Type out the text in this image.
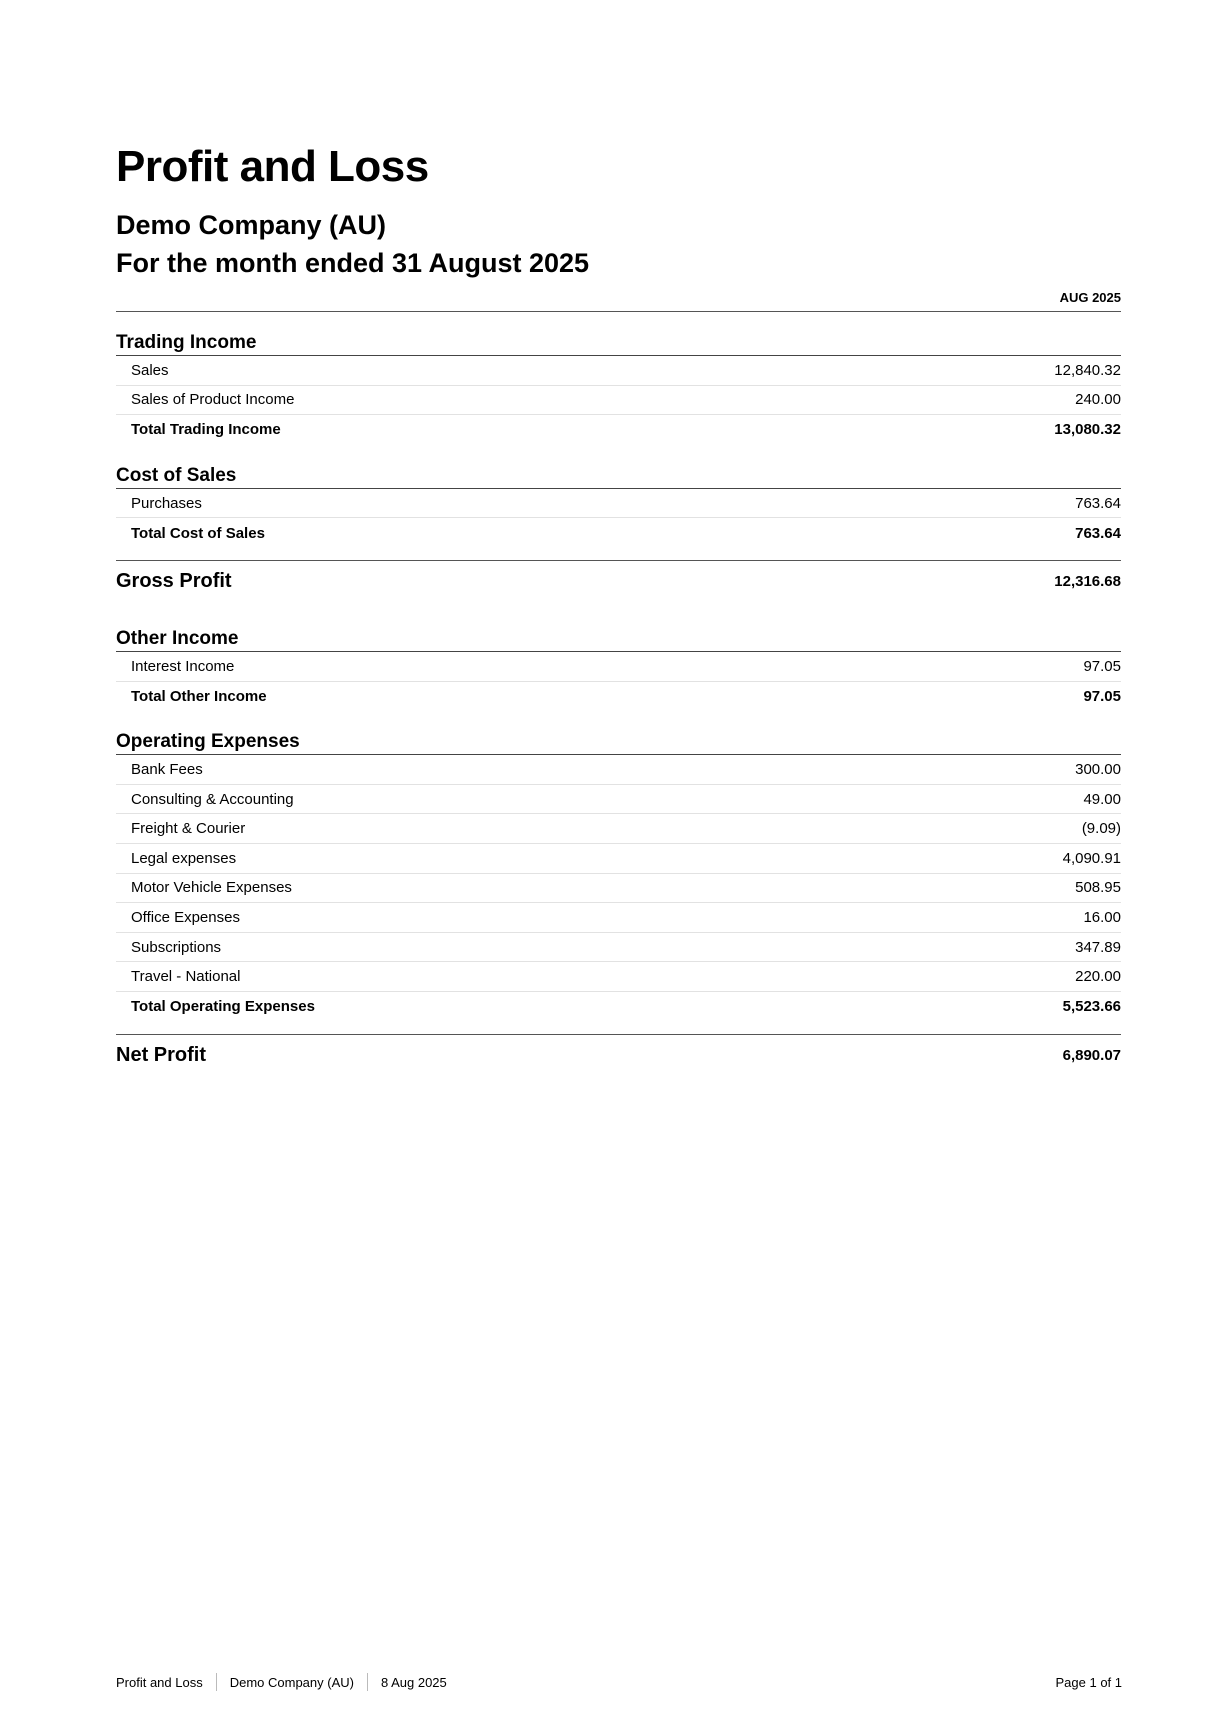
Profit and Loss
Demo Company (AU)
For the month ended 31 August 2025
AUG 2025
Trading Income
Sales	12,840.32
Sales of Product Income	240.00
Total Trading Income	13,080.32
Cost of Sales
Purchases	763.64
Total Cost of Sales	763.64
Gross Profit	12,316.68
Other Income
Interest Income	97.05
Total Other Income	97.05
Operating Expenses
Bank Fees	300.00
Consulting & Accounting	49.00
Freight & Courier	(9.09)
Legal expenses	4,090.91
Motor Vehicle Expenses	508.95
Office Expenses	16.00
Subscriptions	347.89
Travel - National	220.00
Total Operating Expenses	5,523.66
Net Profit	6,890.07
Profit and Loss Demo Company (AU) 8 Aug 2025	Page 1 of 1
